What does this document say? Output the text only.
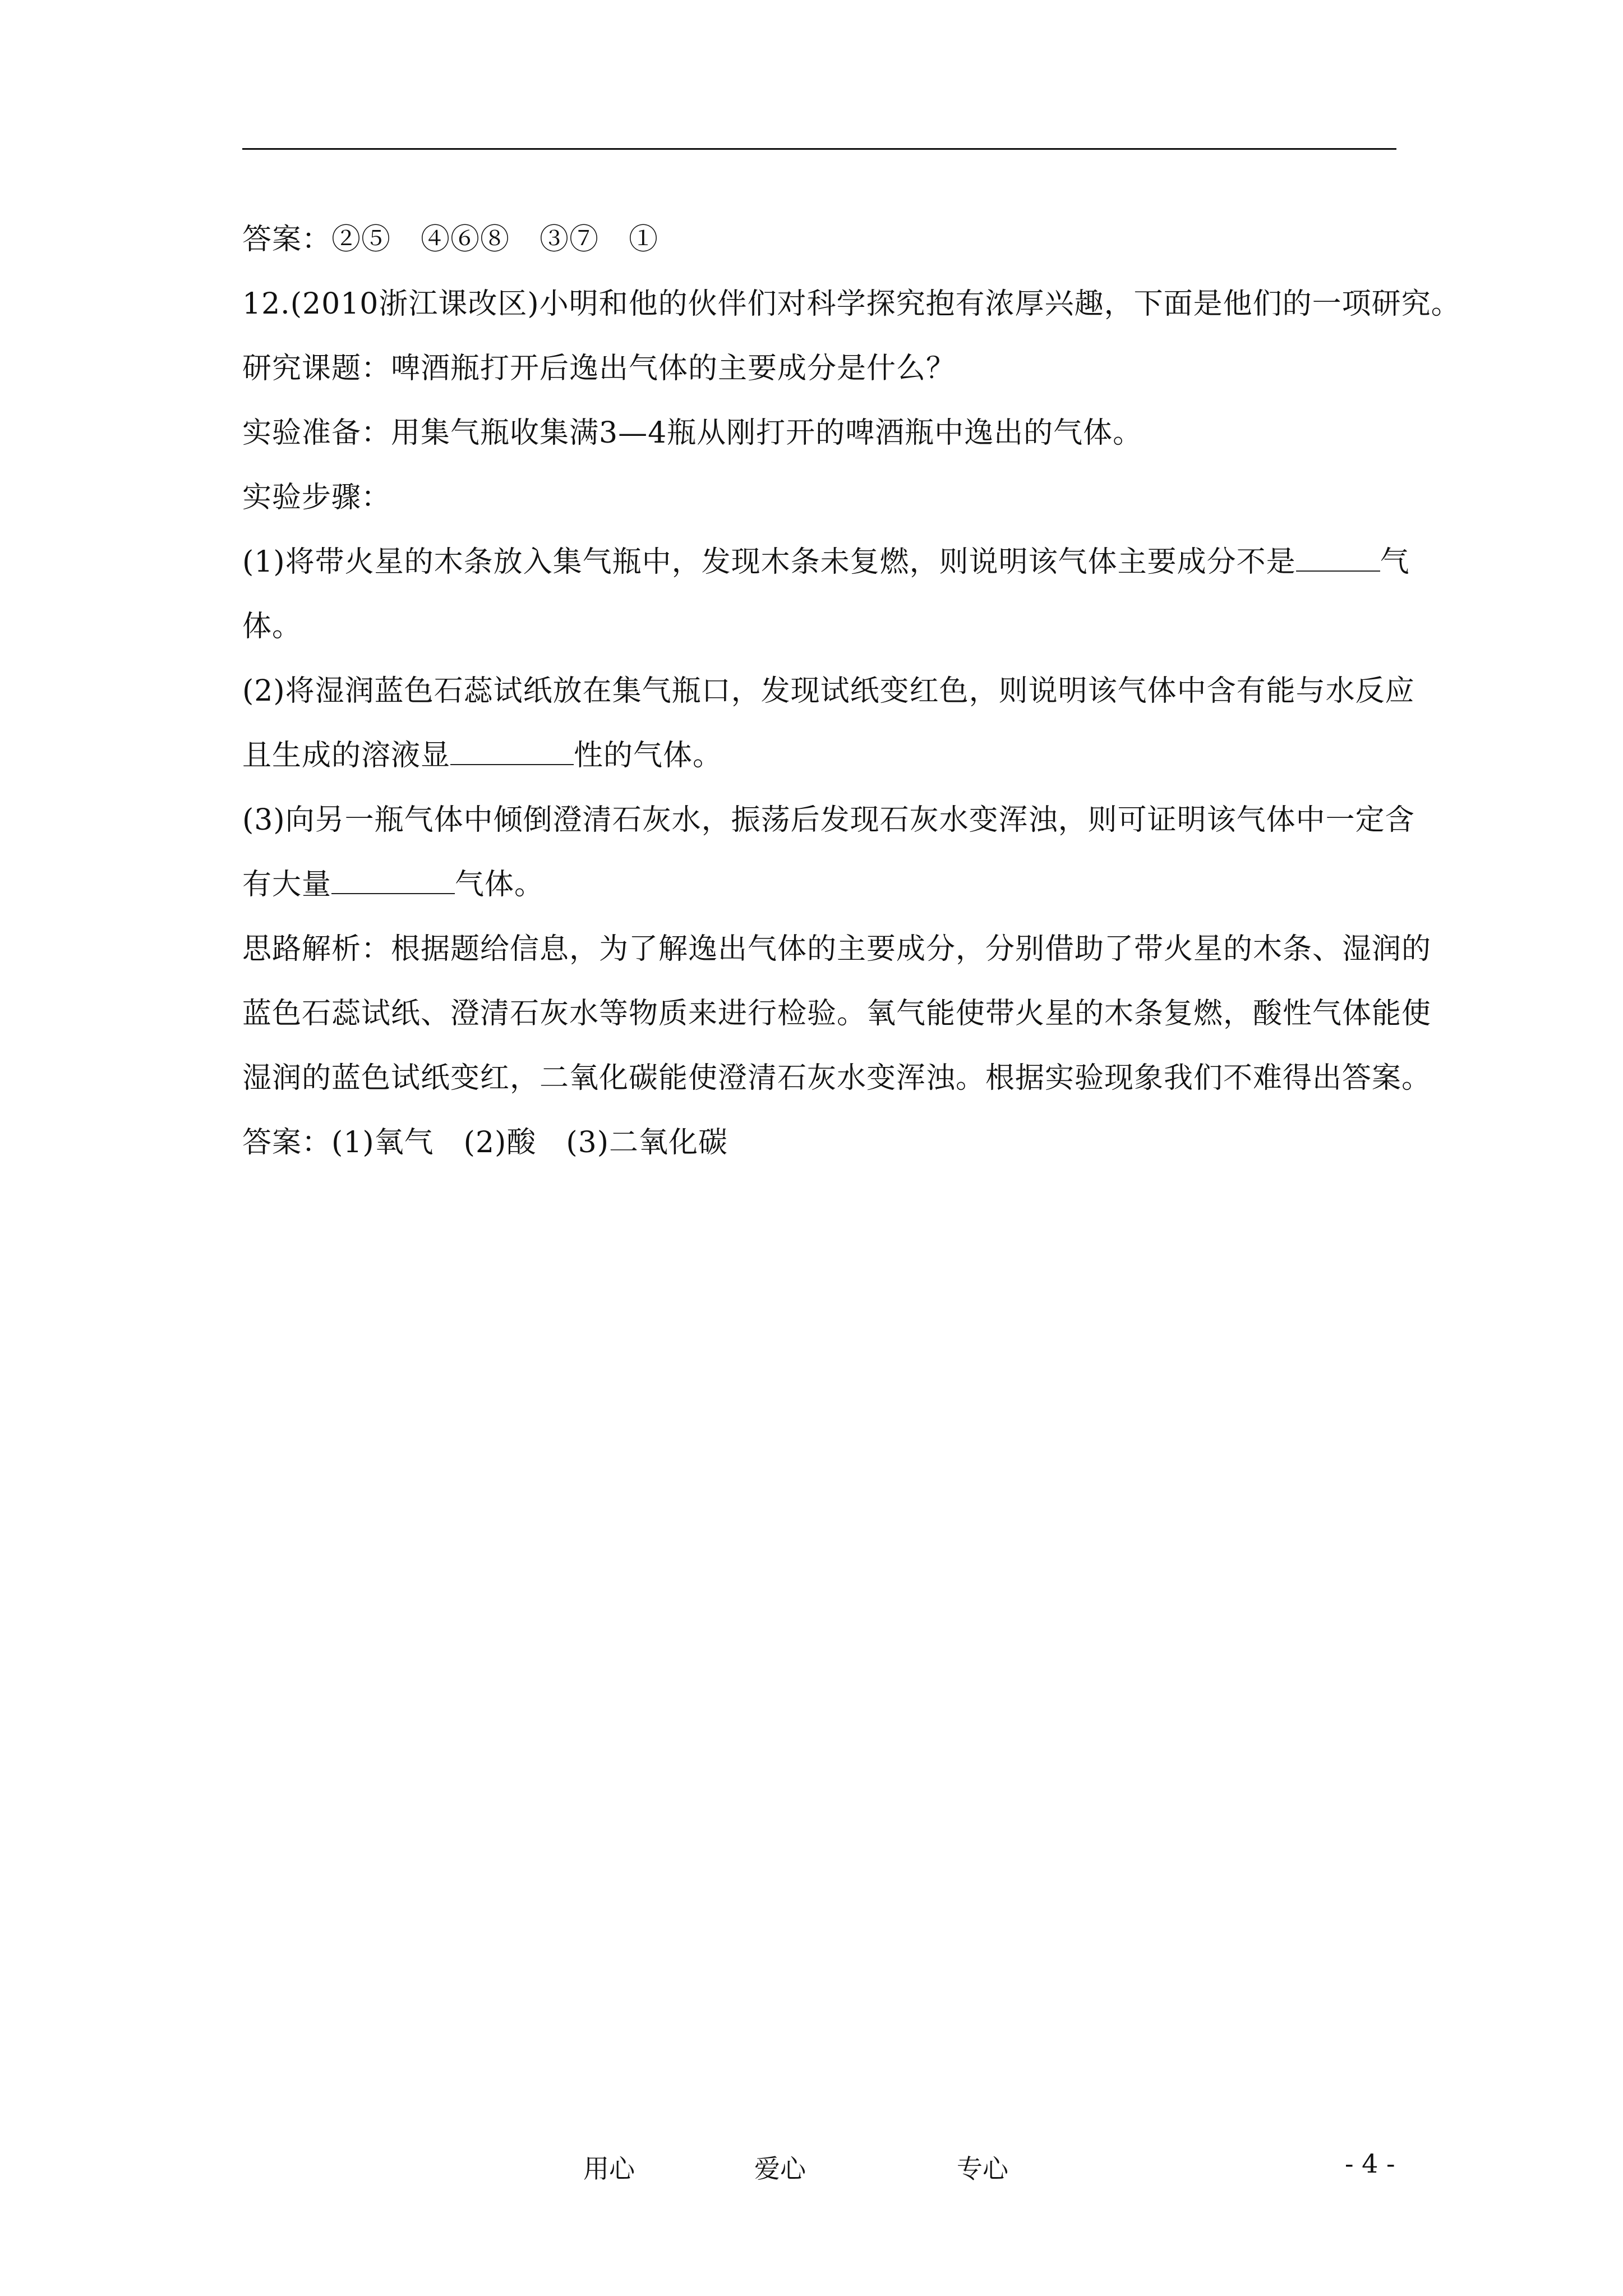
答案：②⑤　④⑥⑧　③⑦　①

12.(2010浙江课改区)小明和他的伙伴们对科学探究抱有浓厚兴趣，下面是他们的一项研究。

研究课题：啤酒瓶打开后逸出气体的主要成分是什么？

实验准备：用集气瓶收集满3—4瓶从刚打开的啤酒瓶中逸出的气体。

实验步骤：

(1)将带火星的木条放入集气瓶中，发现木条未复燃，则说明该气体主要成分不是	气

体。

(2)将湿润蓝色石蕊试纸放在集气瓶口，发现试纸变红色，则说明该气体中含有能与水反应

且生成的溶液显	性的气体。

(3)向另一瓶气体中倾倒澄清石灰水，振荡后发现石灰水变浑浊，则可证明该气体中一定含

有大量	气体。

思路解析：根据题给信息，为了解逸出气体的主要成分，分别借助了带火星的木条、湿润的

蓝色石蕊试纸、澄清石灰水等物质来进行检验。氧气能使带火星的木条复燃，酸性气体能使

湿润的蓝色试纸变红，二氧化碳能使澄清石灰水变浑浊。根据实验现象我们不难得出答案。

答案：(1)氧气　(2)酸　(3)二氧化碳

用心	爱心	专心	- 4 -
